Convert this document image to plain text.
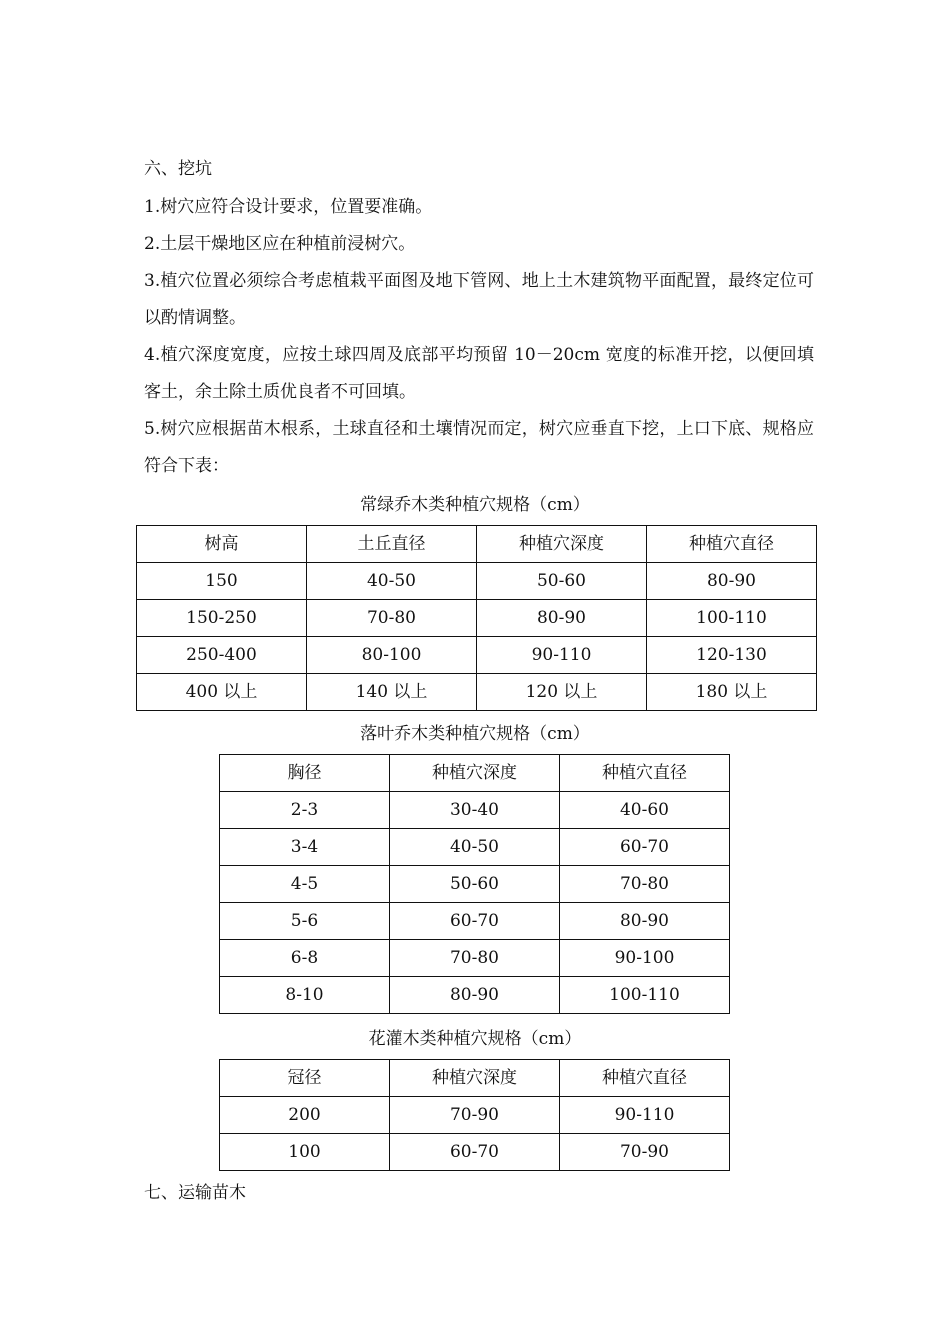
六、挖坑

1.树穴应符合设计要求，位置要准确。

2.土层干燥地区应在种植前浸树穴。

3.植穴位置必须综合考虑植栽平面图及地下管网、地上土木建筑物平面配置，最终定位可以酌情调整。

4.植穴深度宽度，应按土球四周及底部平均预留 10－20cm 宽度的标准开挖，以便回填客土，余土除土质优良者不可回填。

5.树穴应根据苗木根系，土球直径和土壤情况而定，树穴应垂直下挖，上口下底、规格应符合下表：

常绿乔木类种植穴规格（cm）
树高	土丘直径	种植穴深度	种植穴直径
150	40-50	50-60	80-90
150-250	70-80	80-90	100-110
250-400	80-100	90-110	120-130
400 以上	140 以上	120 以上	180 以上
落叶乔木类种植穴规格（cm）
胸径	种植穴深度	种植穴直径
2-3	30-40	40-60
3-4	40-50	60-70
4-5	50-60	70-80
5-6	60-70	80-90
6-8	70-80	90-100
8-10	80-90	100-110
花灌木类种植穴规格（cm）
冠径	种植穴深度	种植穴直径
200	70-90	90-110
100	60-70	70-90

七、运输苗木
